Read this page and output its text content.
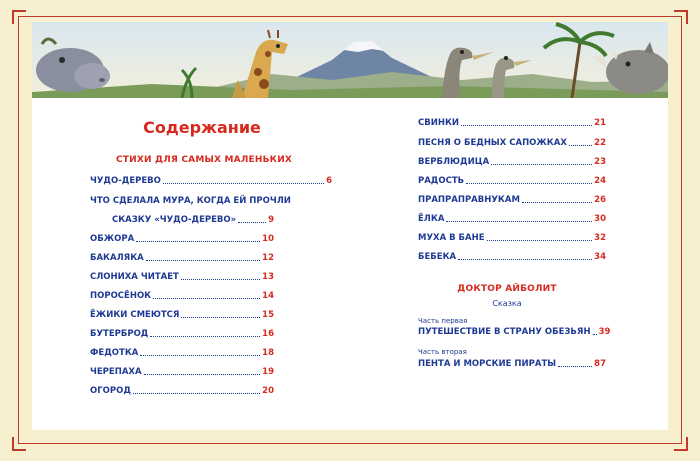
Содержание
СТИХИ ДЛЯ САМЫХ МАЛЕНЬКИХ
ЧУДО-ДЕРЕВО	6
ЧТО СДЕЛАЛА МУРА, КОГДА ЕЙ ПРОЧЛИ
СКАЗКУ «ЧУДО-ДЕРЕВО»	9
ОБЖОРА	10
БАКАЛЯКА	12
СЛОНИХА ЧИТАЕТ	13
ПОРОСЁНОК	14
ЁЖИКИ СМЕЮТСЯ	15
БУТЕРБРОД	16
ФЕДОТКА	18
ЧЕРЕПАХА	19
ОГОРОД	20
СВИНКИ	21
ПЕСНЯ О БЕДНЫХ САПОЖКАХ	22
ВЕРБЛЮДИЦА	23
РАДОСТЬ	24
ПРАПРАПРАВНУКАМ	26
ЁЛКА	30
МУХА В БАНЕ	32
БЕБЕКА	34
ДОКТОР АЙБОЛИТ
Сказка
Часть первая
ПУТЕШЕСТВИЕ В СТРАНУ ОБЕЗЬЯН 39
Часть вторая
ПЕНТА И МОРСКИЕ ПИРАТЫ	87
